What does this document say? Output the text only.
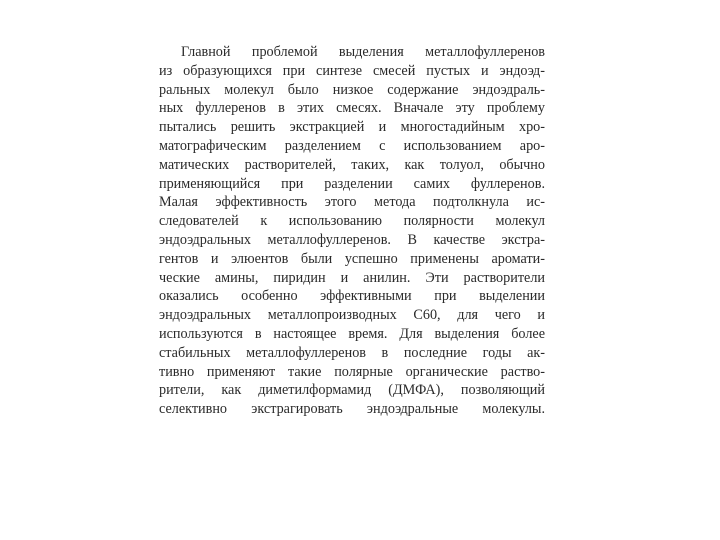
Главной проблемой выделения металлофуллеренов
из образующихся при синтезе смесей пустых и эндоэд-
ральных молекул было низкое содержание эндоэдраль-
ных фуллеренов в этих смесях. Вначале эту проблему
пытались решить экстракцией и многостадийным хро-
матографическим разделением с использованием аро-
матических растворителей, таких, как толуол, обычно
применяющийся при разделении самих фуллеренов.
Малая эффективность этого метода подтолкнула ис-
следователей к использованию полярности молекул
эндоэдральных металлофуллеренов. В качестве экстра-
гентов и элюентов были успешно применены аромати-
ческие амины, пиридин и анилин. Эти растворители
оказались особенно эффективными при выделении
эндоэдральных металлопроизводных C60, для чего и
используются в настоящее время. Для выделения более
стабильных металлофуллеренов в последние годы ак-
тивно применяют такие полярные органические раство-
рители, как диметилформамид (ДМФА), позволяющий
селективно экстрагировать эндоэдральные молекулы.
